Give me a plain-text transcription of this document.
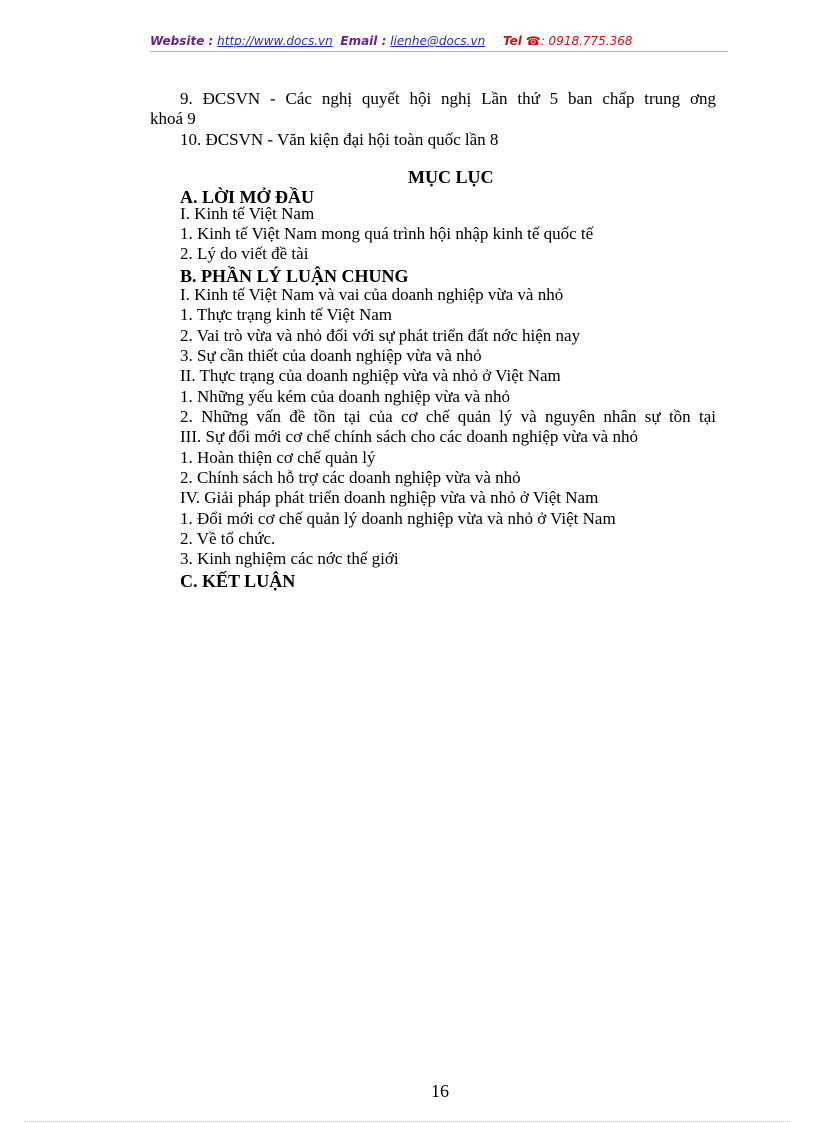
Website : http://www.docs.vn Email : lienhe@docs.vn Tel ☎: 0918.775.368
9. ĐCSVN - Các nghị quyết hội nghị Lần thứ 5 ban chấp trung ơng
khoá 9
10. ĐCSVN - Văn kiện đại hội toàn quốc lần 8
MỤC LỤC
A. LỜI MỞ ĐẦU
I. Kinh tế Việt Nam
1. Kinh tế Việt Nam mong quá trình hội nhập kinh tế quốc tế
2. Lý do viết đề tài
B. PHẦN LÝ LUẬN CHUNG
I. Kinh tế Việt Nam và vai của doanh nghiệp vừa và nhỏ
1. Thực trạng kinh tế Việt Nam
2. Vai trò vừa và nhỏ đối với sự phát triển đất nớc hiện nay
3. Sự cần thiết của doanh nghiệp vừa và nhỏ
II. Thực trạng của doanh nghiệp vừa và nhỏ ở Việt Nam
1. Những yếu kém của doanh nghiệp vừa và nhỏ
2. Những vấn đề tồn tại của cơ chế quản lý và nguyên nhân sự tồn tại
III. Sự đổi mới cơ chế chính sách cho các doanh nghiệp vừa và nhỏ
1. Hoàn thiện cơ chế quản lý
2. Chính sách hỗ trợ các doanh nghiệp vừa và nhỏ
IV. Giải pháp phát triển doanh nghiệp vừa và nhỏ ở Việt Nam
1. Đổi mới cơ chế quản lý doanh nghiệp vừa và nhỏ ở Việt Nam
2. Về tổ chức.
3. Kinh nghiệm các nớc thế giới
C. KẾT LUẬN
16
